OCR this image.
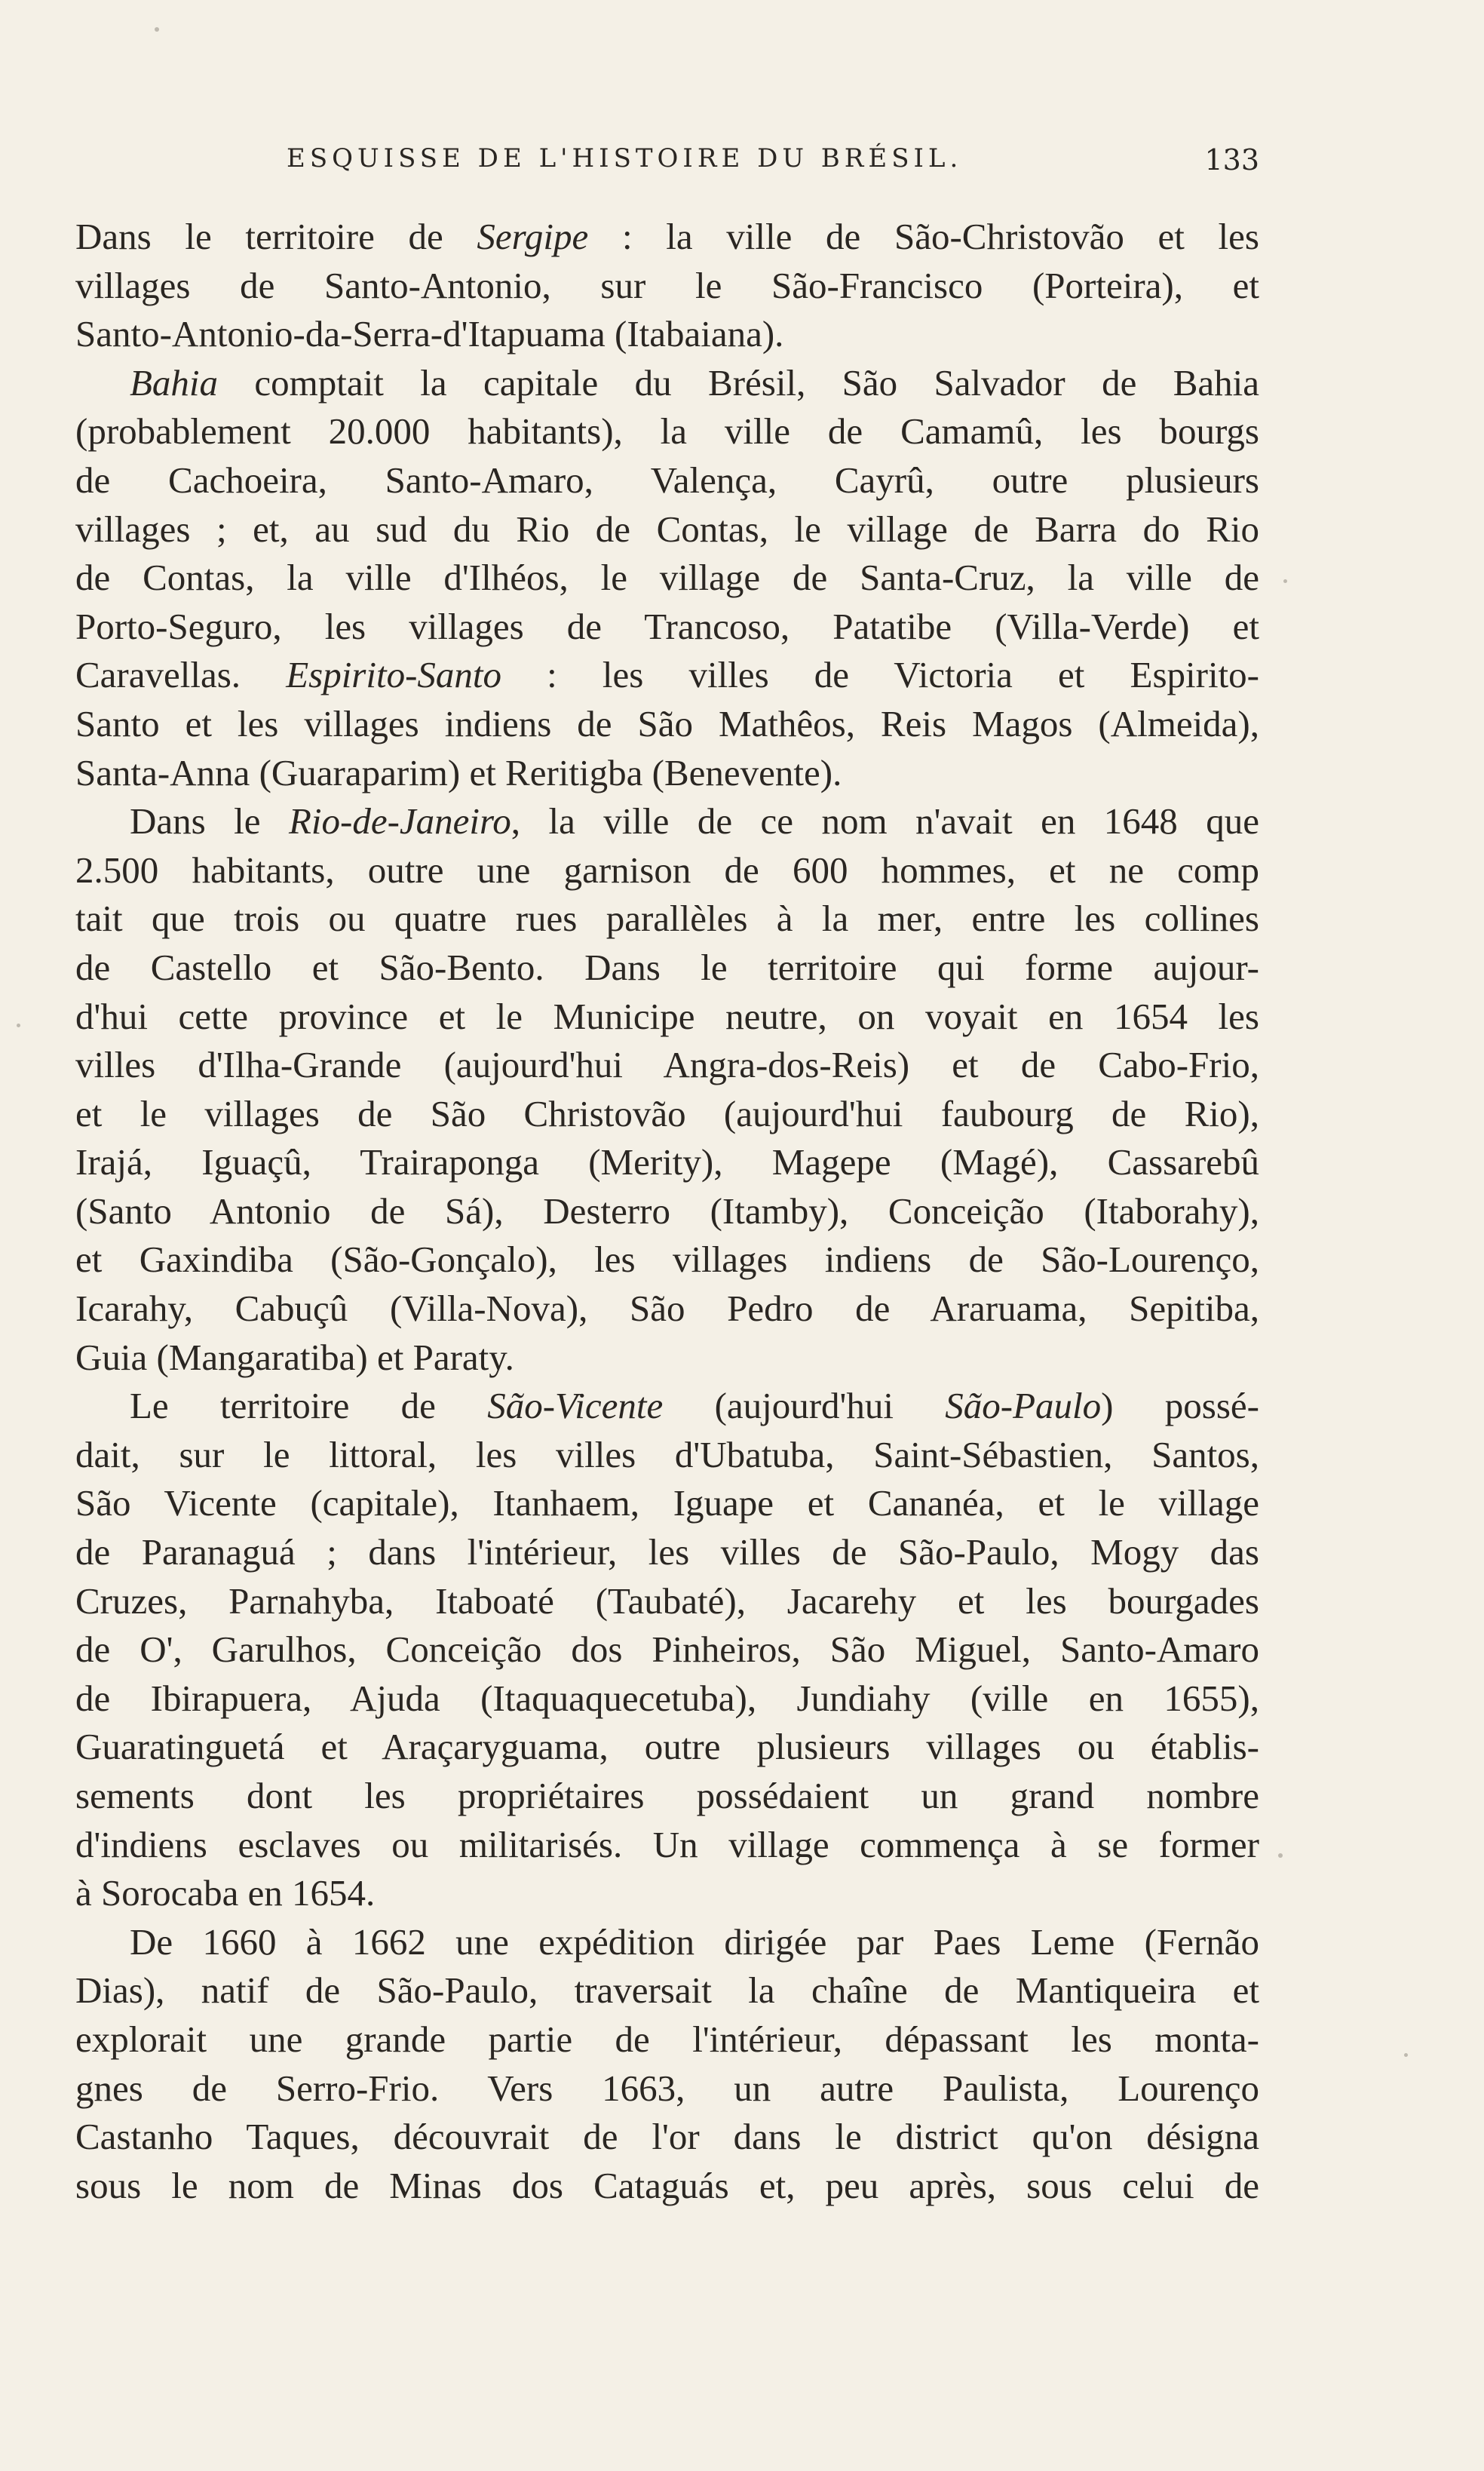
ESQUISSE DE L'HISTOIRE DU BRÉSIL.	133
Dans le territoire de Sergipe : la ville de São-Christovão et les
villages de Santo-Antonio, sur le São-Francisco (Porteira), et
Santo-Antonio-da-Serra-d'Itapuama (Itabaiana).
Bahia comptait la capitale du Brésil, São Salvador de Bahia
(probablement 20.000 habitants), la ville de Camamû, les bourgs
de Cachoeira, Santo-Amaro, Valença, Cayrû, outre plusieurs
villages ; et, au sud du Rio de Contas, le village de Barra do Rio
de Contas, la ville d'Ilhéos, le village de Santa-Cruz, la ville de
Porto-Seguro, les villages de Trancoso, Patatibe (Villa-Verde) et
Caravellas. Espirito-Santo : les villes de Victoria et Espirito-
Santo et les villages indiens de São Mathêos, Reis Magos (Almeida),
Santa-Anna (Guaraparim) et Reritigba (Benevente).
Dans le Rio-de-Janeiro, la ville de ce nom n'avait en 1648 que
2.500 habitants, outre une garnison de 600 hommes, et ne comp
tait que trois ou quatre rues parallèles à la mer, entre les collines
de Castello et São-Bento. Dans le territoire qui forme aujour-
d'hui cette province et le Municipe neutre, on voyait en 1654 les
villes d'Ilha-Grande (aujourd'hui Angra-dos-Reis) et de Cabo-Frio,
et le villages de São Christovão (aujourd'hui faubourg de Rio),
Irajá, Iguaçû, Trairaponga (Merity), Magepe (Magé), Cassarebû
(Santo Antonio de Sá), Desterro (Itamby), Conceição (Itaborahy),
et Gaxindiba (São-Gonçalo), les villages indiens de São-Lourenço,
Icarahy, Cabuçû (Villa-Nova), São Pedro de Araruama, Sepitiba,
Guia (Mangaratiba) et Paraty.
Le territoire de São-Vicente (aujourd'hui São-Paulo) possé-
dait, sur le littoral, les villes d'Ubatuba, Saint-Sébastien, Santos,
São Vicente (capitale), Itanhaem, Iguape et Cananéa, et le village
de Paranaguá ; dans l'intérieur, les villes de São-Paulo, Mogy das
Cruzes, Parnahyba, Itaboaté (Taubaté), Jacarehy et les bourgades
de O', Garulhos, Conceição dos Pinheiros, São Miguel, Santo-Amaro
de Ibirapuera, Ajuda (Itaquaquecetuba), Jundiahy (ville en 1655),
Guaratinguetá et Araçaryguama, outre plusieurs villages ou établis-
sements dont les propriétaires possédaient un grand nombre
d'indiens esclaves ou militarisés. Un village commença à se former
à Sorocaba en 1654.
De 1660 à 1662 une expédition dirigée par Paes Leme (Fernão
Dias), natif de São-Paulo, traversait la chaîne de Mantiqueira et
explorait une grande partie de l'intérieur, dépassant les monta-
gnes de Serro-Frio. Vers 1663, un autre Paulista, Lourenço
Castanho Taques, découvrait de l'or dans le district qu'on désigna
sous le nom de Minas dos Cataguás et, peu après, sous celui de
